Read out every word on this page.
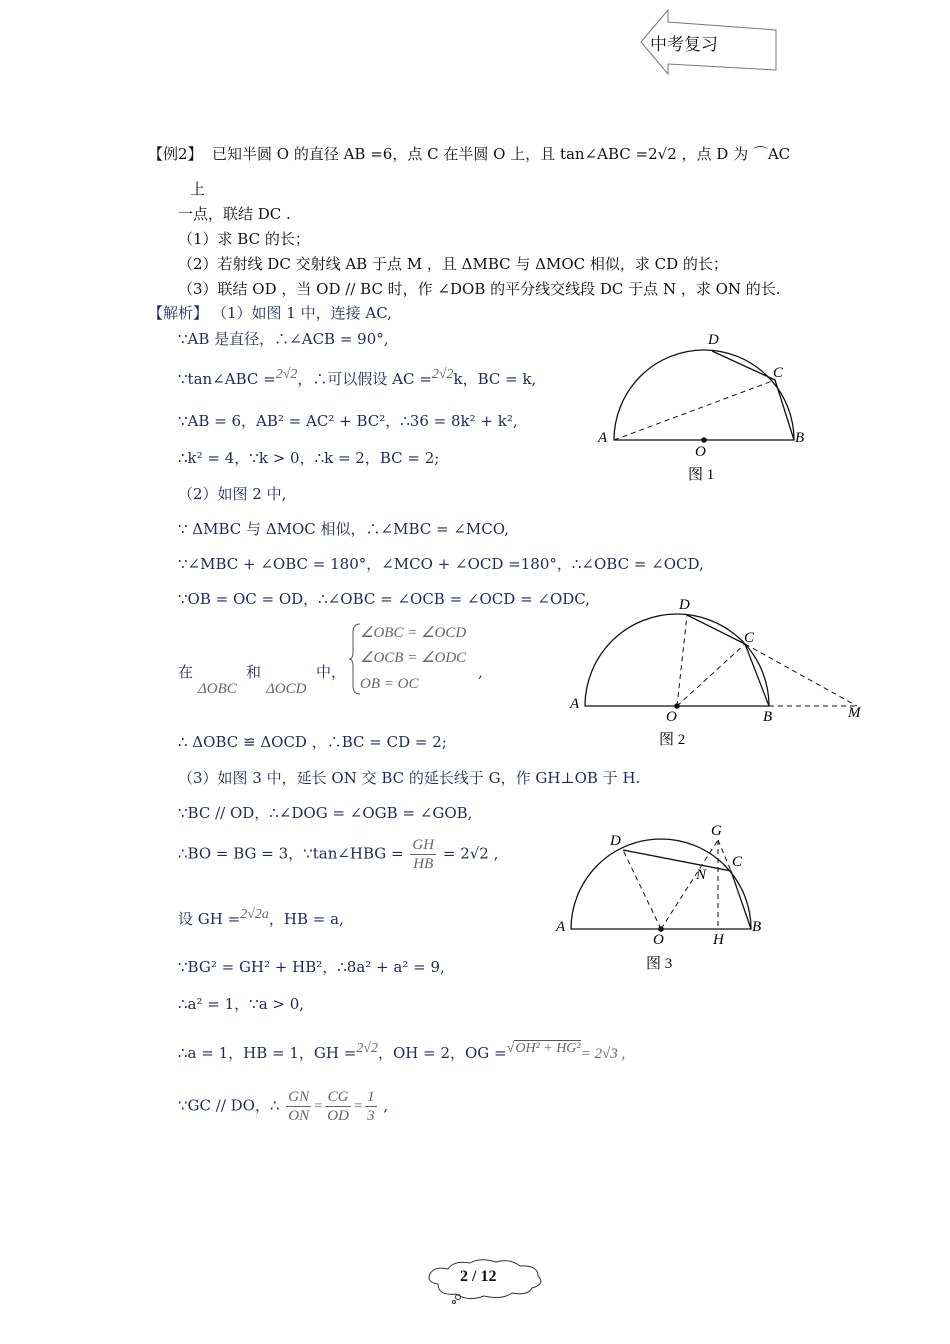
中考复习
【例2】 已知半圆 O 的直径 AB =6，点 C 在半圆 O 上，且 tan∠ABC =2√2 ，点 D 为 ⌒AC
上
一点，联结 DC .
（1）求 BC 的长；
（2）若射线 DC 交射线 AB 于点 M ，且 ΔMBC 与 ΔMOC 相似，求 CD 的长；
（3）联结 OD ，当 OD // BC 时，作 ∠DOB 的平分线交线段 DC 于点 N ，求 ON 的长.
【解析】 （1）如图 1 中，连接 AC,
∵AB 是直径，∴∠ACB = 90°,
∵tan∠ABC =$^{2√2}$，∴可以假设 AC =$^{2√2}$k，BC = k,
∵AB = 6，AB² = AC² + BC²，∴36 = 8k² + k²,
∴k² = 4，∵k > 0，∴k = 2，BC = 2;
（2）如图 2 中,
∵ ΔMBC 与 ΔMOC 相似，∴∠MBC = ∠MCO,
∵∠MBC + ∠OBC = 180°，∠MCO + ∠OCD =180°，∴∠OBC = ∠OCD,
∵OB = OC = OD，∴∠OBC = ∠OCB = ∠OCD = ∠ODC,
在
ΔOBC
和
ΔOCD
中，
∠OBC = ∠OCD
∠OCB = ∠ODC
OB = OC
,
∴ ΔOBC ≌ ΔOCD ，∴BC = CD = 2;
（3）如图 3 中，延长 ON 交 BC 的延长线于 G，作 GH⊥OB 于 H.
∵BC // OD，∴∠DOG = ∠OGB = ∠GOB,
∴BO = BG = 3，∵tan∠HBG = $\frac{GH}{HB} = 2√2$ ,
设 GH =$^{2√2a}$，HB = a,
∵BG² = GH² + HB²，∴8a² + a² = 9,
∴a² = 1，∵a > 0,
∴a = 1，HB = 1，GH =$^{2√2}$，OH = 2，OG =$^{√OH^2 + HG^2}$= 2√3 ,
∵GC // DO，∴ $\frac{GN}{ON} = \frac{CG}{OD} = \frac{1}{3}$ ,
A
O
B
C
D
图 1
A
O	B
C
D
M
图 2
A
O	H
B
C
D
G
N
图 3
2 / 12
